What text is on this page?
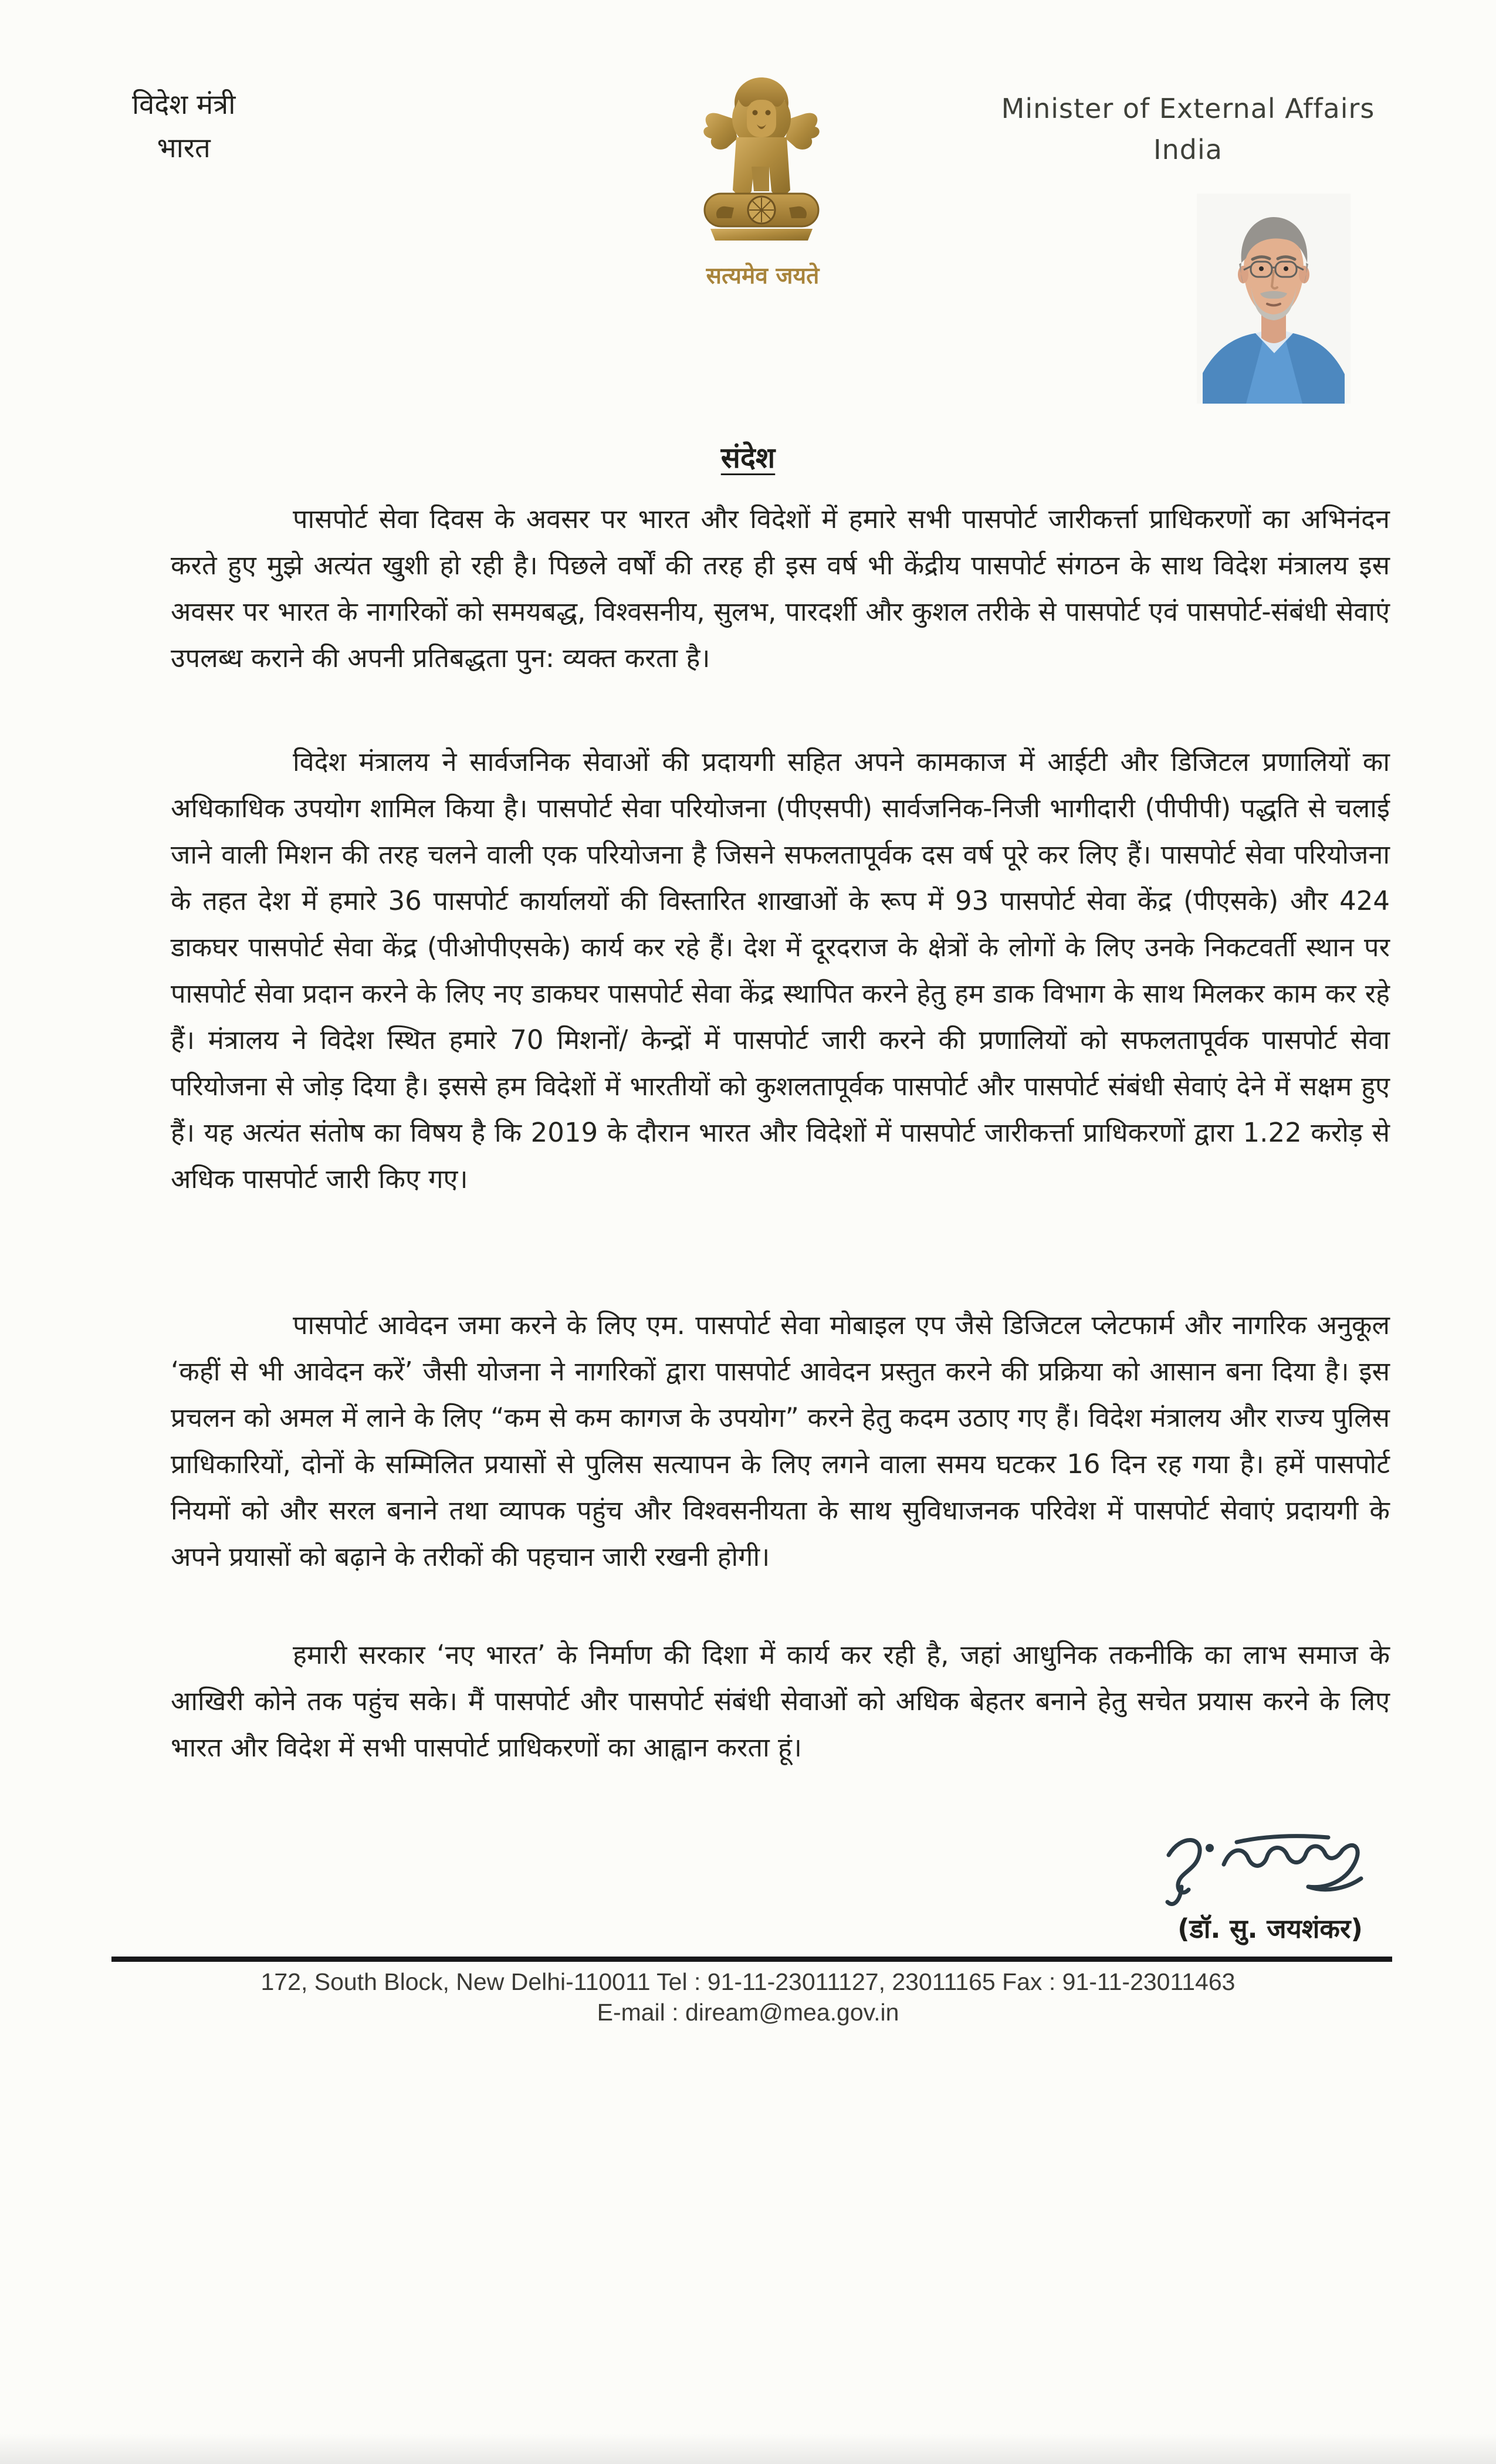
विदेश मंत्री
भारत
सत्यमेव जयते
Minister of External Affairs
India
संदेश

पासपोर्ट सेवा दिवस के अवसर पर भारत और विदेशों में हमारे सभी पासपोर्ट जारीकर्त्ता प्राधिकरणों का अभिनंदन करते हुए मुझे अत्यंत खुशी हो रही है। पिछले वर्षों की तरह ही इस वर्ष भी केंद्रीय पासपोर्ट संगठन के साथ विदेश मंत्रालय इस अवसर पर भारत के नागरिकों को समयबद्ध, विश्वसनीय, सुलभ, पारदर्शी और कुशल तरीके से पासपोर्ट एवं पासपोर्ट-संबंधी सेवाएं उपलब्ध कराने की अपनी प्रतिबद्धता पुन: व्यक्त करता है।

विदेश मंत्रालय ने सार्वजनिक सेवाओं की प्रदायगी सहित अपने कामकाज में आईटी और डिजिटल प्रणालियों का अधिकाधिक उपयोग शामिल किया है। पासपोर्ट सेवा परियोजना (पीएसपी) सार्वजनिक-निजी भागीदारी (पीपीपी) पद्धति से चलाई जाने वाली मिशन की तरह चलने वाली एक परियोजना है जिसने सफलतापूर्वक दस वर्ष पूरे कर लिए हैं। पासपोर्ट सेवा परियोजना के तहत देश में हमारे 36 पासपोर्ट कार्यालयों की विस्तारित शाखाओं के रूप में 93 पासपोर्ट सेवा केंद्र (पीएसके) और 424 डाकघर पासपोर्ट सेवा केंद्र (पीओपीएसके) कार्य कर रहे हैं। देश में दूरदराज के क्षेत्रों के लोगों के लिए उनके निकटवर्ती स्थान पर पासपोर्ट सेवा प्रदान करने के लिए नए डाकघर पासपोर्ट सेवा केंद्र स्थापित करने हेतु हम डाक विभाग के साथ मिलकर काम कर रहे हैं। मंत्रालय ने विदेश स्थित हमारे 70 मिशनों/ केन्द्रों में पासपोर्ट जारी करने की प्रणालियों को सफलतापूर्वक पासपोर्ट सेवा परियोजना से जोड़ दिया है। इससे हम विदेशों में भारतीयों को कुशलतापूर्वक पासपोर्ट और पासपोर्ट संबंधी सेवाएं देने में सक्षम हुए हैं। यह अत्यंत संतोष का विषय है कि 2019 के दौरान भारत और विदेशों में पासपोर्ट जारीकर्त्ता प्राधिकरणों द्वारा 1.22 करोड़ से अधिक पासपोर्ट जारी किए गए।

पासपोर्ट आवेदन जमा करने के लिए एम. पासपोर्ट सेवा मोबाइल एप जैसे डिजिटल प्लेटफार्म और नागरिक अनुकूल ‘कहीं से भी आवेदन करें’ जैसी योजना ने नागरिकों द्वारा पासपोर्ट आवेदन प्रस्तुत करने की प्रक्रिया को आसान बना दिया है। इस प्रचलन को अमल में लाने के लिए “कम से कम कागज के उपयोग” करने हेतु कदम उठाए गए हैं। विदेश मंत्रालय और राज्य पुलिस प्राधिकारियों, दोनों के सम्मिलित प्रयासों से पुलिस सत्यापन के लिए लगने वाला समय घटकर 16 दिन रह गया है। हमें पासपोर्ट नियमों को और सरल बनाने तथा व्यापक पहुंच और विश्वसनीयता के साथ सुविधाजनक परिवेश में पासपोर्ट सेवाएं प्रदायगी के अपने प्रयासों को बढ़ाने के तरीकों की पहचान जारी रखनी होगी।

हमारी सरकार ‘नए भारत’ के निर्माण की दिशा में कार्य कर रही है, जहां आधुनिक तकनीकि का लाभ समाज के आखिरी कोने तक पहुंच सके। मैं पासपोर्ट और पासपोर्ट संबंधी सेवाओं को अधिक बेहतर बनाने हेतु सचेत प्रयास करने के लिए भारत और विदेश में सभी पासपोर्ट प्राधिकरणों का आह्वान करता हूं।

(डॉ. सु. जयशंकर)
172, South Block, New Delhi-110011 Tel : 91-11-23011127, 23011165 Fax : 91-11-23011463
E-mail : diream@mea.gov.in
